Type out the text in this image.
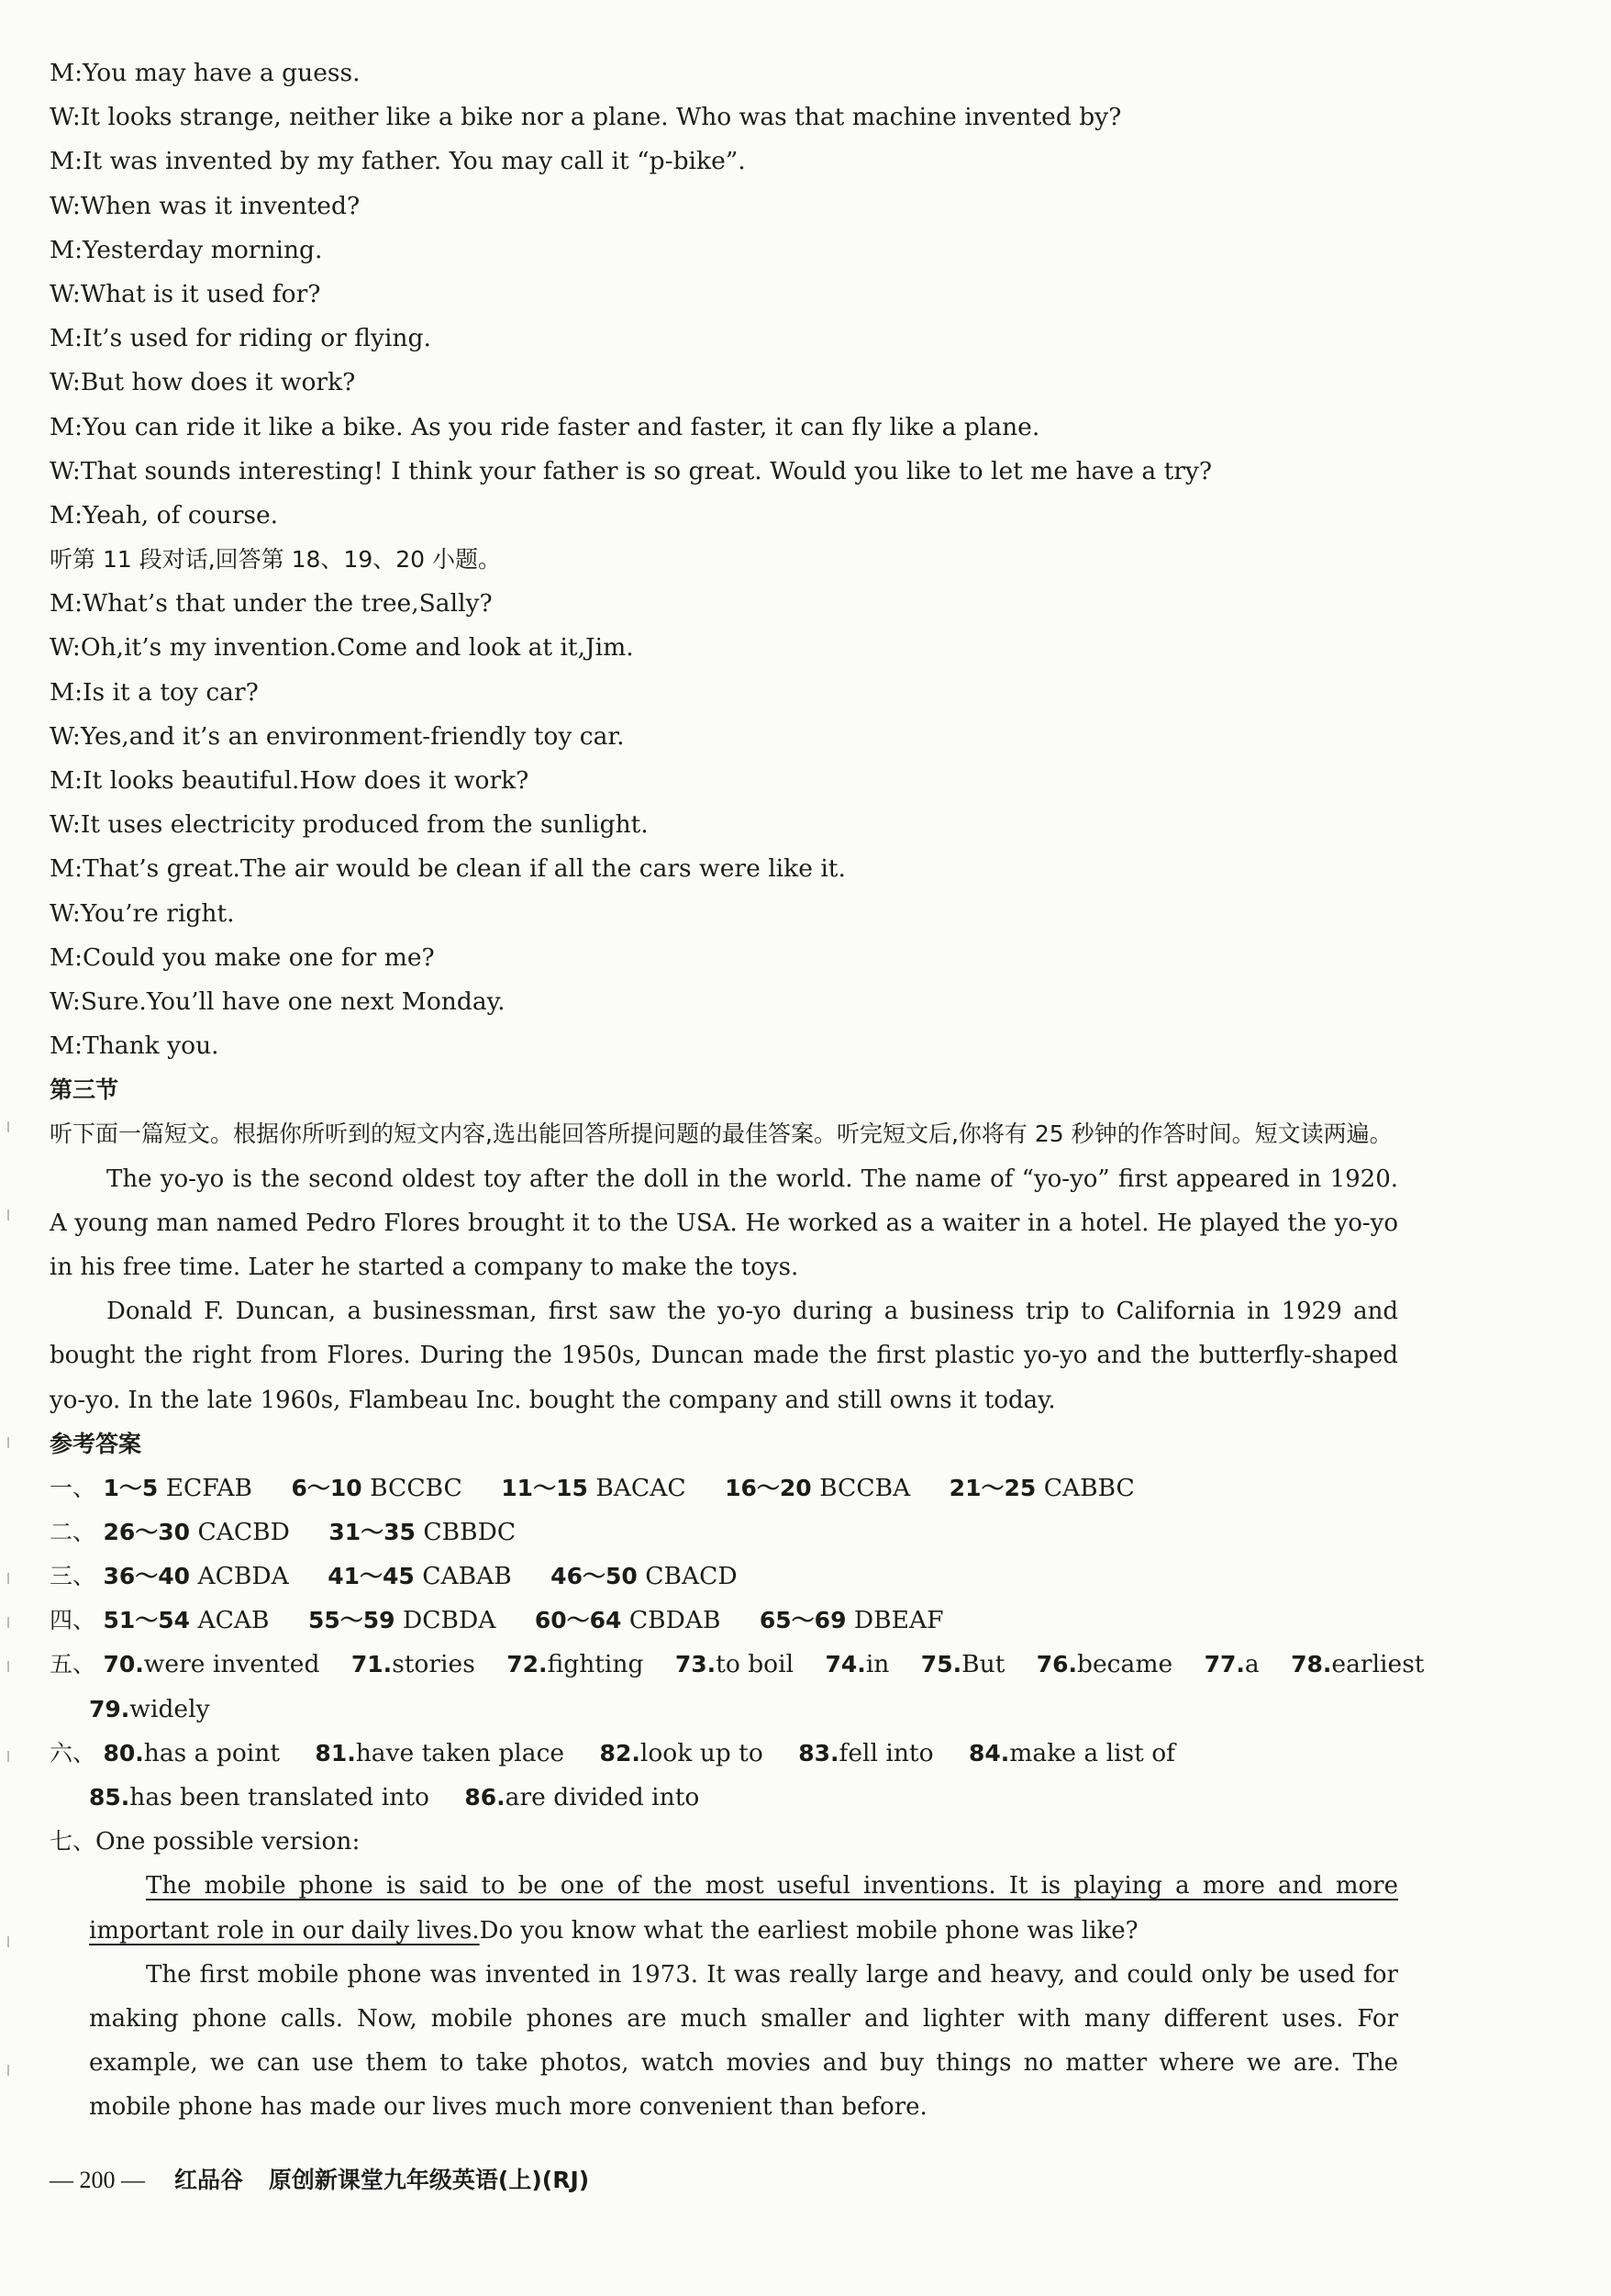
M:You may have a guess.
W:It looks strange, neither like a bike nor a plane. Who was that machine invented by?
M:It was invented by my father. You may call it “p-bike”.
W:When was it invented?
M:Yesterday morning.
W:What is it used for?
M:It’s used for riding or flying.
W:But how does it work?
M:You can ride it like a bike. As you ride faster and faster, it can fly like a plane.
W:That sounds interesting! I think your father is so great. Would you like to let me have a try?
M:Yeah, of course.
听第 11 段对话,回答第 18、19、20 小题。
M:What’s that under the tree,Sally?
W:Oh,it’s my invention.Come and look at it,Jim.
M:Is it a toy car?
W:Yes,and it’s an environment-friendly toy car.
M:It looks beautiful.How does it work?
W:It uses electricity produced from the sunlight.
M:That’s great.The air would be clean if all the cars were like it.
W:You’re right.
M:Could you make one for me?
W:Sure.You’ll have one next Monday.
M:Thank you.
第三节
听下面一篇短文。根据你所听到的短文内容,选出能回答所提问题的最佳答案。听完短文后,你将有 25 秒钟的作答时间。短文读两遍。
The yo-yo is the second oldest toy after the doll in the world. The name of “yo-yo” first appeared in 1920. A young man named Pedro Flores brought it to the USA. He worked as a waiter in a hotel. He played the yo-yo in his free time. Later he started a company to make the toys.
Donald F. Duncan, a businessman, first saw the yo-yo during a business trip to California in 1929 and bought the right from Flores. During the 1950s, Duncan made the first plastic yo-yo and the butterfly-shaped yo-yo. In the late 1960s, Flambeau Inc. bought the company and still owns it today.
参考答案
一、 1～5 ECFAB 6～10 BCCBC 11～15 BACAC 16～20 BCCBA 21～25 CABBC
二、 26～30 CACBD 31～35 CBBDC
三、 36～40 ACBDA 41～45 CABAB 46～50 CBACD
四、 51～54 ACAB 55～59 DCBDA 60～64 CBDAB 65～69 DBEAF
五、 70.were invented 71.stories 72.fighting 73.to boil 74.in 75.But 76.became 77.a 78.earliest
79.widely
六、 80.has a point 81.have taken place 82.look up to 83.fell into 84.make a list of
85.has been translated into 86.are divided into
七、One possible version:
The mobile phone is said to be one of the most useful inventions. It is playing a more and more important role in our daily lives.Do you know what the earliest mobile phone was like?
The first mobile phone was invented in 1973. It was really large and heavy, and could only be used for making phone calls. Now, mobile phones are much smaller and lighter with many different uses. For example, we can use them to take photos, watch movies and buy things no matter where we are. The mobile phone has made our lives much more convenient than before.
— 200 — 红品谷 原创新课堂九年级英语(上)(RJ)
